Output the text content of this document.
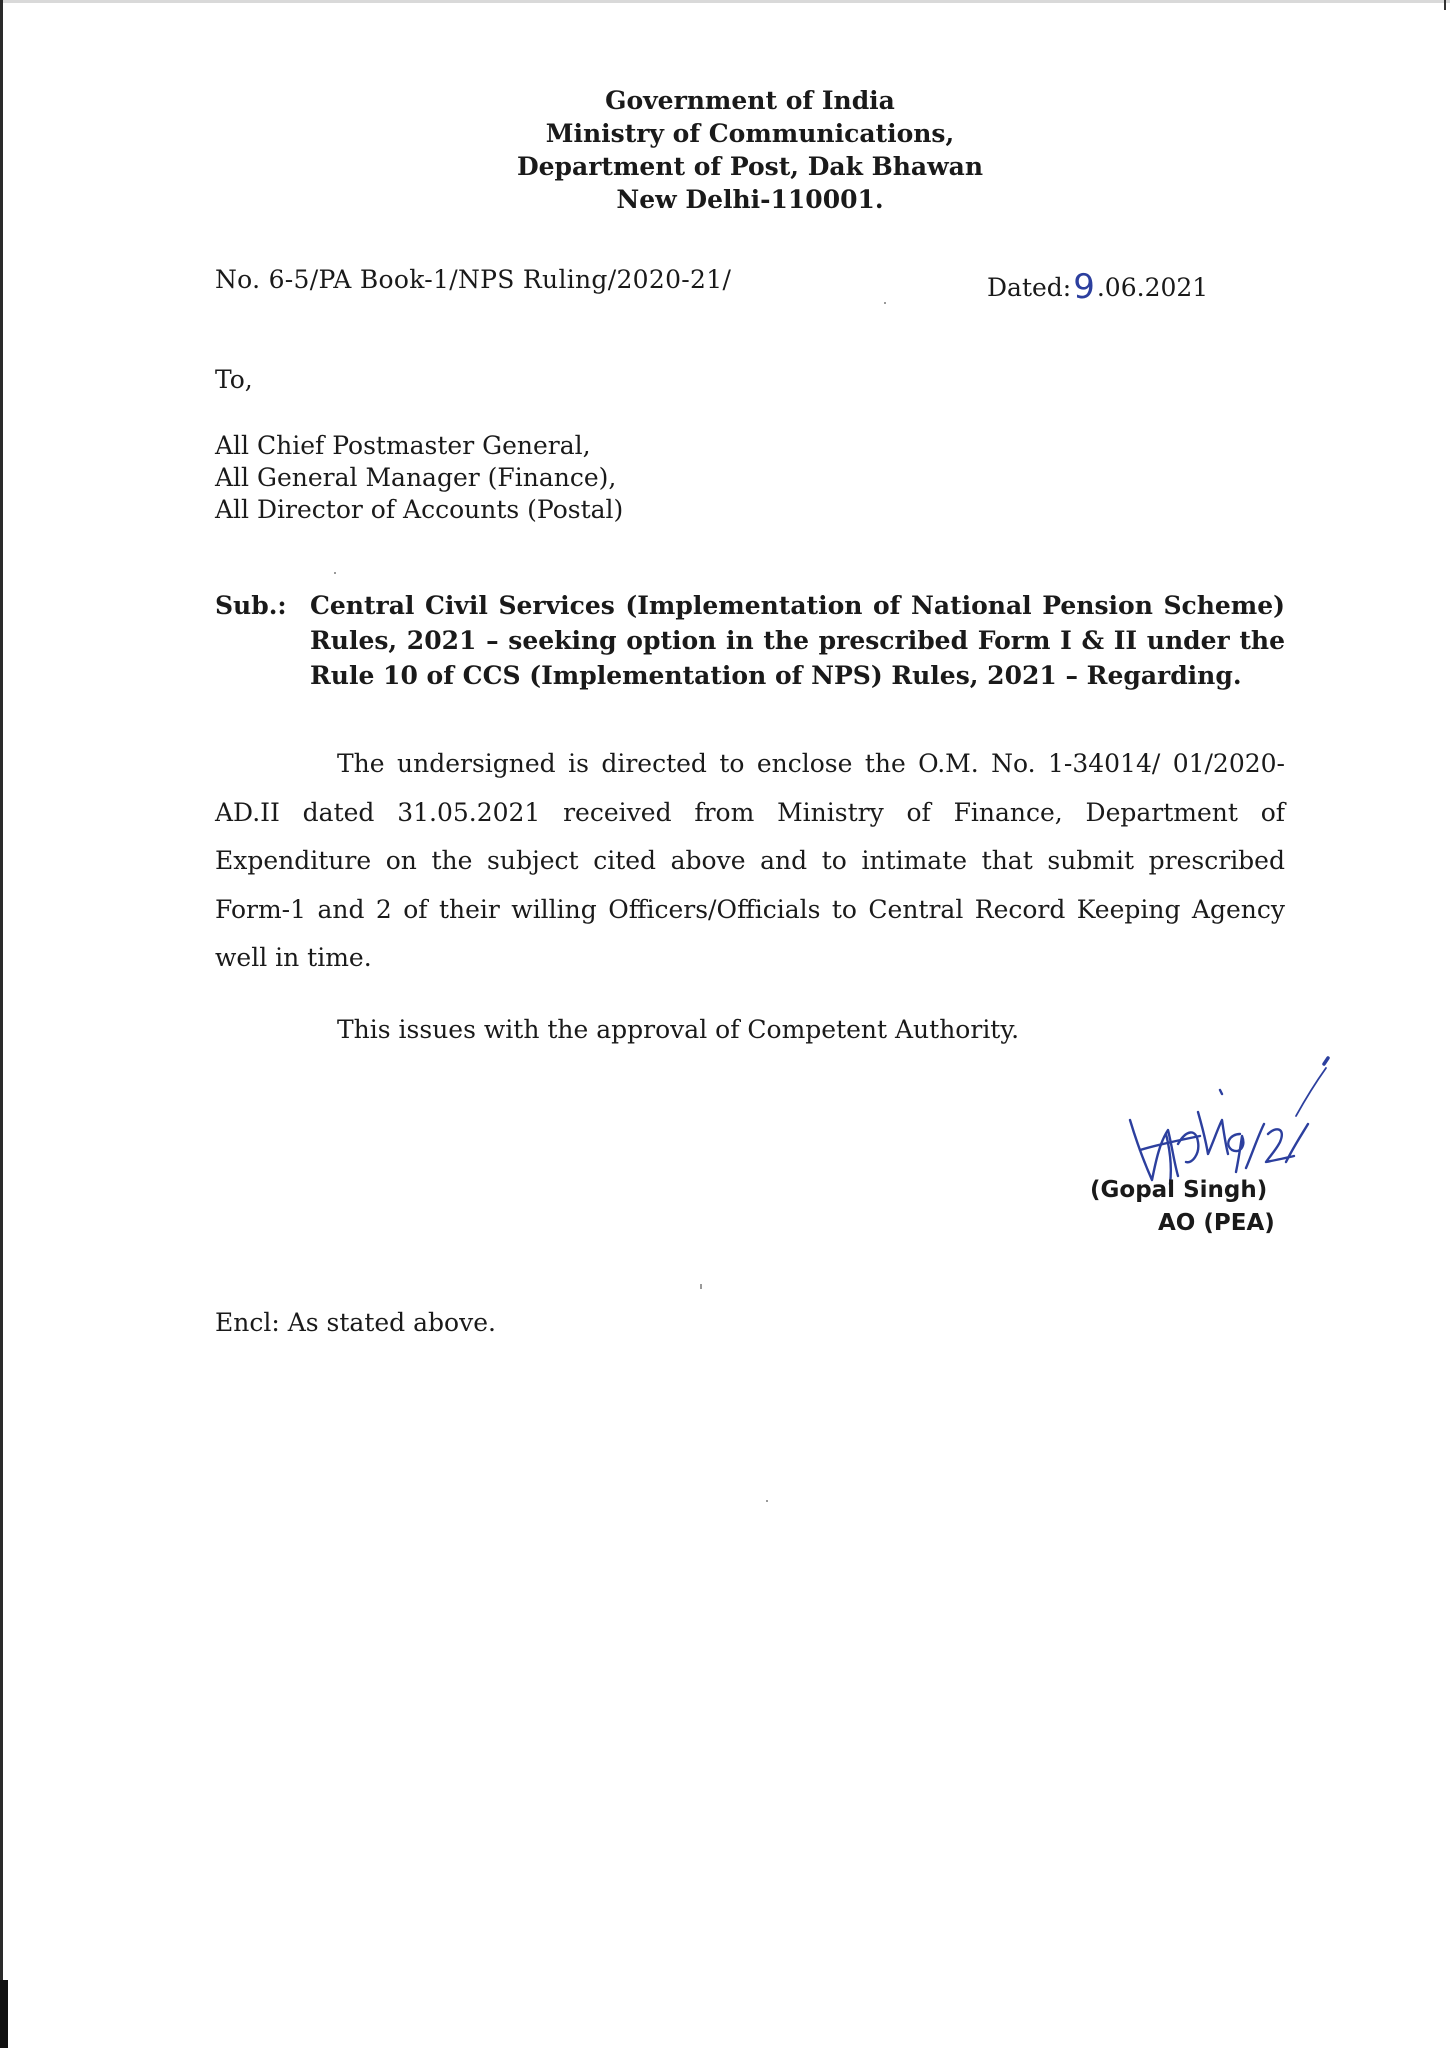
Government of India
Ministry of Communications,
Department of Post, Dak Bhawan
New Delhi-110001.
No. 6-5/PA Book-1/NPS Ruling/2020-21/	Dated:9.06.2021
To,
All Chief Postmaster General,
All General Manager (Finance),
All Director of Accounts (Postal)
Sub.: Central Civil Services (Implementation of National Pension Scheme) Rules, 2021 – seeking option in the prescribed Form I & II under the Rule 10 of CCS (Implementation of NPS) Rules, 2021 – Regarding.
The undersigned is directed to enclose the O.M. No. 1-34014/ 01/2020-AD.II dated 31.05.2021 received from Ministry of Finance, Department of Expenditure on the subject cited above and to intimate that submit prescribed Form-1 and 2 of their willing Officers/Officials to Central Record Keeping Agency well in time.
This issues with the approval of Competent Authority.
(Gopal Singh)
AO (PEA)
Encl: As stated above.
